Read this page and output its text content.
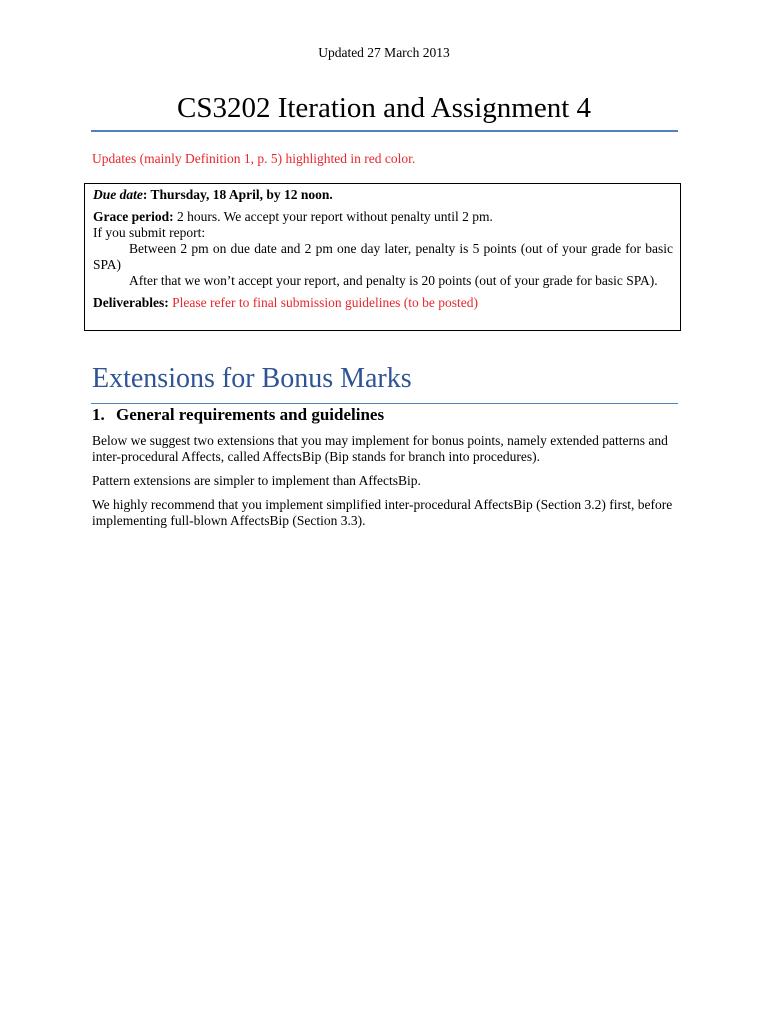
Updated 27 March 2013
CS3202 Iteration and Assignment 4
Updates (mainly Definition 1, p. 5) highlighted in red color.

Due date: Thursday, 18 April, by 12 noon.

Grace period: 2 hours. We accept your report without penalty until 2 pm.

If you submit report:

Between 2 pm on due date and 2 pm one day later, penalty is 5 points (out of your grade for basic SPA)

After that we won’t accept your report, and penalty is 20 points (out of your grade for basic SPA).

Deliverables: Please refer to final submission guidelines (to be posted)

Extensions for Bonus Marks
1. General requirements and guidelines

Below we suggest two extensions that you may implement for bonus points, namely extended patterns and inter-procedural Affects, called AffectsBip (Bip stands for branch into procedures).

Pattern extensions are simpler to implement than AffectsBip.

We highly recommend that you implement simplified inter-procedural AffectsBip (Section 3.2) first, before implementing full-blown AffectsBip (Section 3.3).
